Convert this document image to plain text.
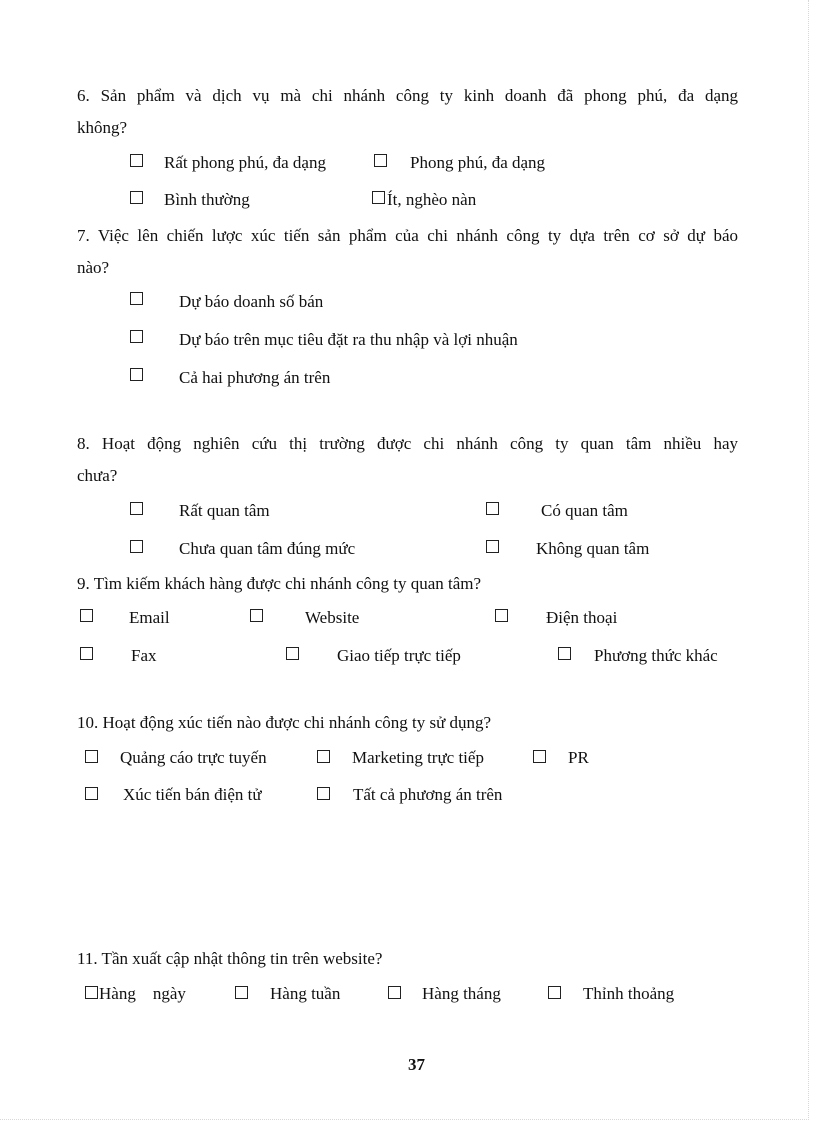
6. Sản phẩm và dịch vụ mà chi nhánh công ty kinh doanh đã phong phú, đa dạng
không?
Rất phong phú, đa dạng	Phong phú, đa dạng
Bình thường	Ít, nghèo nàn
7. Việc lên chiến lược xúc tiến sản phẩm của chi nhánh công ty dựa trên cơ sở dự báo
nào?
Dự báo doanh số bán
Dự báo trên mục tiêu đặt ra thu nhập và lợi nhuận
Cả hai phương án trên
8. Hoạt động nghiên cứu thị trường được chi nhánh công ty quan tâm nhiều hay
chưa?
Rất quan tâm	Có quan tâm
Chưa quan tâm đúng mức	Không quan tâm
9. Tìm kiếm khách hàng được chi nhánh công ty quan tâm?
Email	Website	Điện thoại
Fax	Giao tiếp trực tiếp	Phương thức khác
10. Hoạt động xúc tiến nào được chi nhánh công ty sử dụng?
Quảng cáo trực tuyến	Marketing trực tiếp	PR
Xúc tiến bán điện tử	Tất cả phương án trên
11. Tần xuất cập nhật thông tin trên website?
Hàng    ngày	Hàng tuần	Hàng tháng	Thỉnh thoảng
37
